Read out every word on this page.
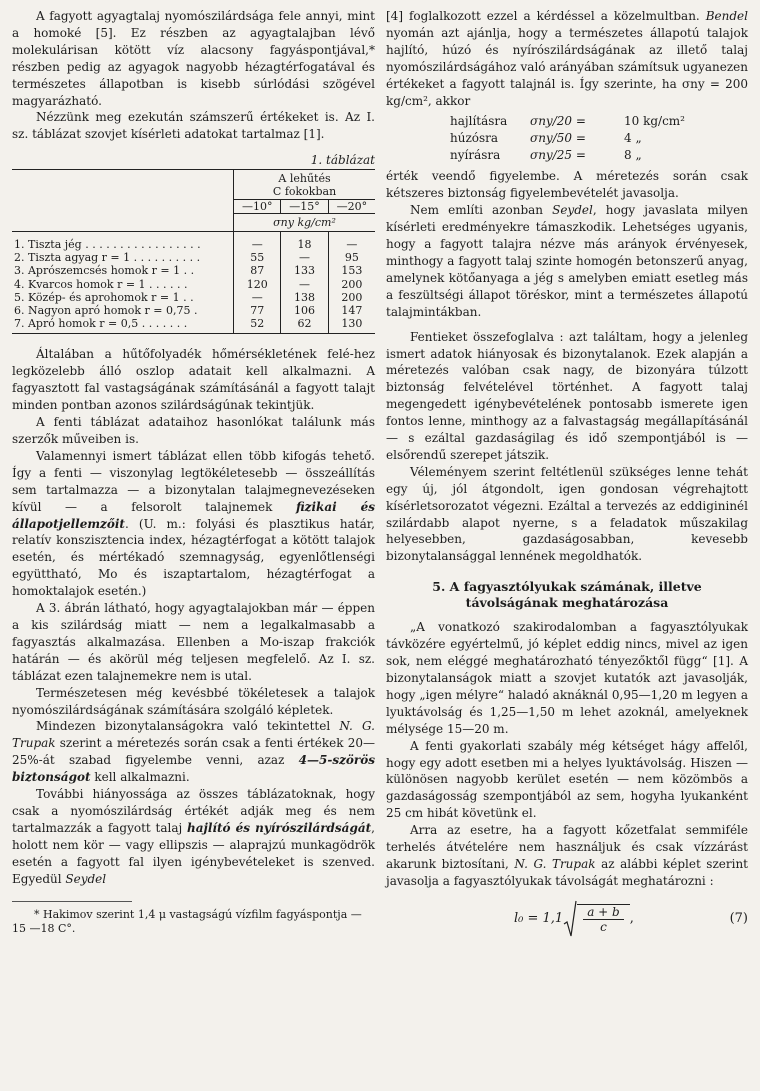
A fagyott agyagtalaj nyomószilárdsága fele annyi, mint a homoké [5]. Ez részben az agyagtalajban lévő molekulárisan kötött víz alacsony fagyáspontjával,* részben pedig az agyagok nagyobb hézagtérfogatával és természetes állapotban is kisebb súrlódási szögével magyarázható.

Nézzünk meg ezekután számszerű értékeket is. Az I. sz. táblázat szovjet kísérleti adatokat tartalmaz [1].

1. táblázat

	A lehűtés
C fokokban		

	—10°	—15°	—20°
	σny kg/cm²		

1. Tiszta jég . . . . . . . . . . . . . . . . .	—	18	—
2. Tiszta agyag r = 1 . . . . . . . . . .	55	—	95
3. Aprószemcsés homok r = 1 . .	87	133	153
4. Kvarcos homok r = 1 . . . . . .	120	—	200
5. Közép- és aprohomok r = 1 . .	—	138	200
6. Nagyon apró homok r = 0,75 .	77	106	147
7. Apró homok r = 0,5 . . . . . . .	52	62	130

Általában a hűtőfolyadék hőmérsékletének felé-hez legközelebb álló oszlop adatait kell alkalmazni. A fagyasztott fal vastagságának számításánál a fagyott talajt minden pontban azonos szilárdságúnak tekintjük.

A fenti táblázat adataihoz hasonlókat találunk más szerzők műveiben is.

Valamennyi ismert táblázat ellen több kifogás tehető. Így a fenti — viszonylag legtökéletesebb — összeállítás sem tartalmazza — a bizonytalan talajmegnevezéseken kívül — a felsorolt talajnemek fizikai és állapotjellemzőit. (U. m.: folyási és plasztikus határ, relatív konszisztencia index, hézagtérfogat a kötött talajok esetén, és mértékadó szemnagyság, egyenlőtlenségi együttható, Mo és iszaptartalom, hézagtérfogat a homoktalajok esetén.)

A 3. ábrán látható, hogy agyagtalajokban már — éppen a kis szilárdság miatt — nem a legalkalmasabb a fagyasztás alkalmazása. Ellenben a Mo-iszap frakciók határán — és akörül még teljesen megfelelő. Az I. sz. táblázat ezen talajnemekre nem is utal.

Természetesen még kevésbbé tökéletesek a talajok nyomószilárdságának számítására szolgáló képletek.

Mindezen bizonytalanságokra való tekintettel N. G. Trupak szerint a méretezés során csak a fenti értékek 20—25%-át szabad figyelembe venni, azaz 4—5-szörös biztonságot kell alkalmazni.

További hiányossága az összes táblázatoknak, hogy csak a nyomószilárdság értékét adják meg és nem tartalmazzák a fagyott talaj hajlító és nyírószilárdságát, holott nem kör — vagy ellipszis — alaprajzú munkagödrök esetén a fagyott fal ilyen igénybevételeket is szenved. Egyedül Seydel

* Hakimov szerint 1,4 μ vastagságú vízfilm fagyáspontja —15 —18 C°.

[4] foglalkozott ezzel a kérdéssel a közelmultban. Bendel nyomán azt ajánlja, hogy a természetes állapotú talajok hajlító, húzó és nyírószilárdságának az illető talaj nyomószilárdságához való arányában számítsuk ugyanezen értékeket a fagyott talajnál is. Így szerinte, ha σny = 200 kg/cm², akkor

hajlításra	σny/20 =	10 kg/cm²
húzósra	σny/50 =	4 „
nyírásra	σny/25 =	8 „

érték veendő figyelembe. A méretezés során csak kétszeres biztonság figyelembevételét javasolja.

Nem említi azonban Seydel, hogy javaslata milyen kísérleti eredményekre támaszkodik. Lehetséges ugyanis, hogy a fagyott talajra nézve más arányok érvényesek, minthogy a fagyott talaj szinte homogén betonszerű anyag, amelynek kötőanyaga a jég s amelyben emiatt esetleg más a feszültségi állapot töréskor, mint a természetes állapotú talajmintákban.

Fentieket összefoglalva : azt találtam, hogy a jelenleg ismert adatok hiányosak és bizonytalanok. Ezek alapján a méretezés valóban csak nagy, de bizonyára túlzott biztonság felvételével történhet. A fagyott talaj megengedett igénybevételének pontosabb ismerete igen fontos lenne, minthogy az a falvastagság megállapításánál — s ezáltal gazdaságilag és idő szempontjából is — elsőrendű szerepet játszik.

Véleményem szerint feltétlenül szükséges lenne tehát egy új, jól átgondolt, igen gondosan végrehajtott kísérletsorozatot végezni. Ezáltal a tervezés az eddigininél szilárdabb alapot nyerne, s a feladatok műszakilag helyesebben, gazdaságosabban, kevesebb bizonytalansággal lennének megoldhatók.

5. A fagyasztólyukak számának, illetve távolságának meghatározása

„A vonatkozó szakirodalomban a fagyasztólyukak távközére egyértelmű, jó képlet eddig nincs, mivel az igen sok, nem eléggé meghatározható tényezőktől függ“ [1]. A bizonytalanságok miatt a szovjet kutatók azt javasolják, hogy „igen mélyre“ haladó aknáknál 0,95—1,20 m legyen a lyuktávolság és 1,25—1,50 m lehet azoknál, amelyeknek mélysége 15—20 m.

A fenti gyakorlati szabály még kétséget hágy affelől, hogy egy adott esetben mi a helyes lyuktávolság. Hiszen — különösen nagyobb kerület esetén — nem közömbös a gazdaságosság szempontjából az sem, hogyha lyukanként 25 cm hibát követünk el.

Arra az esetre, ha a fagyott kőzetfalat semmiféle terhelés átvételére nem használjuk és csak vízzárást akarunk biztosítani, N. G. Trupak az alábbi képlet szerint javasolja a fagyasztólyukak távolságát meghatározni :

$l_0 = 1,1 \frac{a + b}{c}$ ,	(7)
